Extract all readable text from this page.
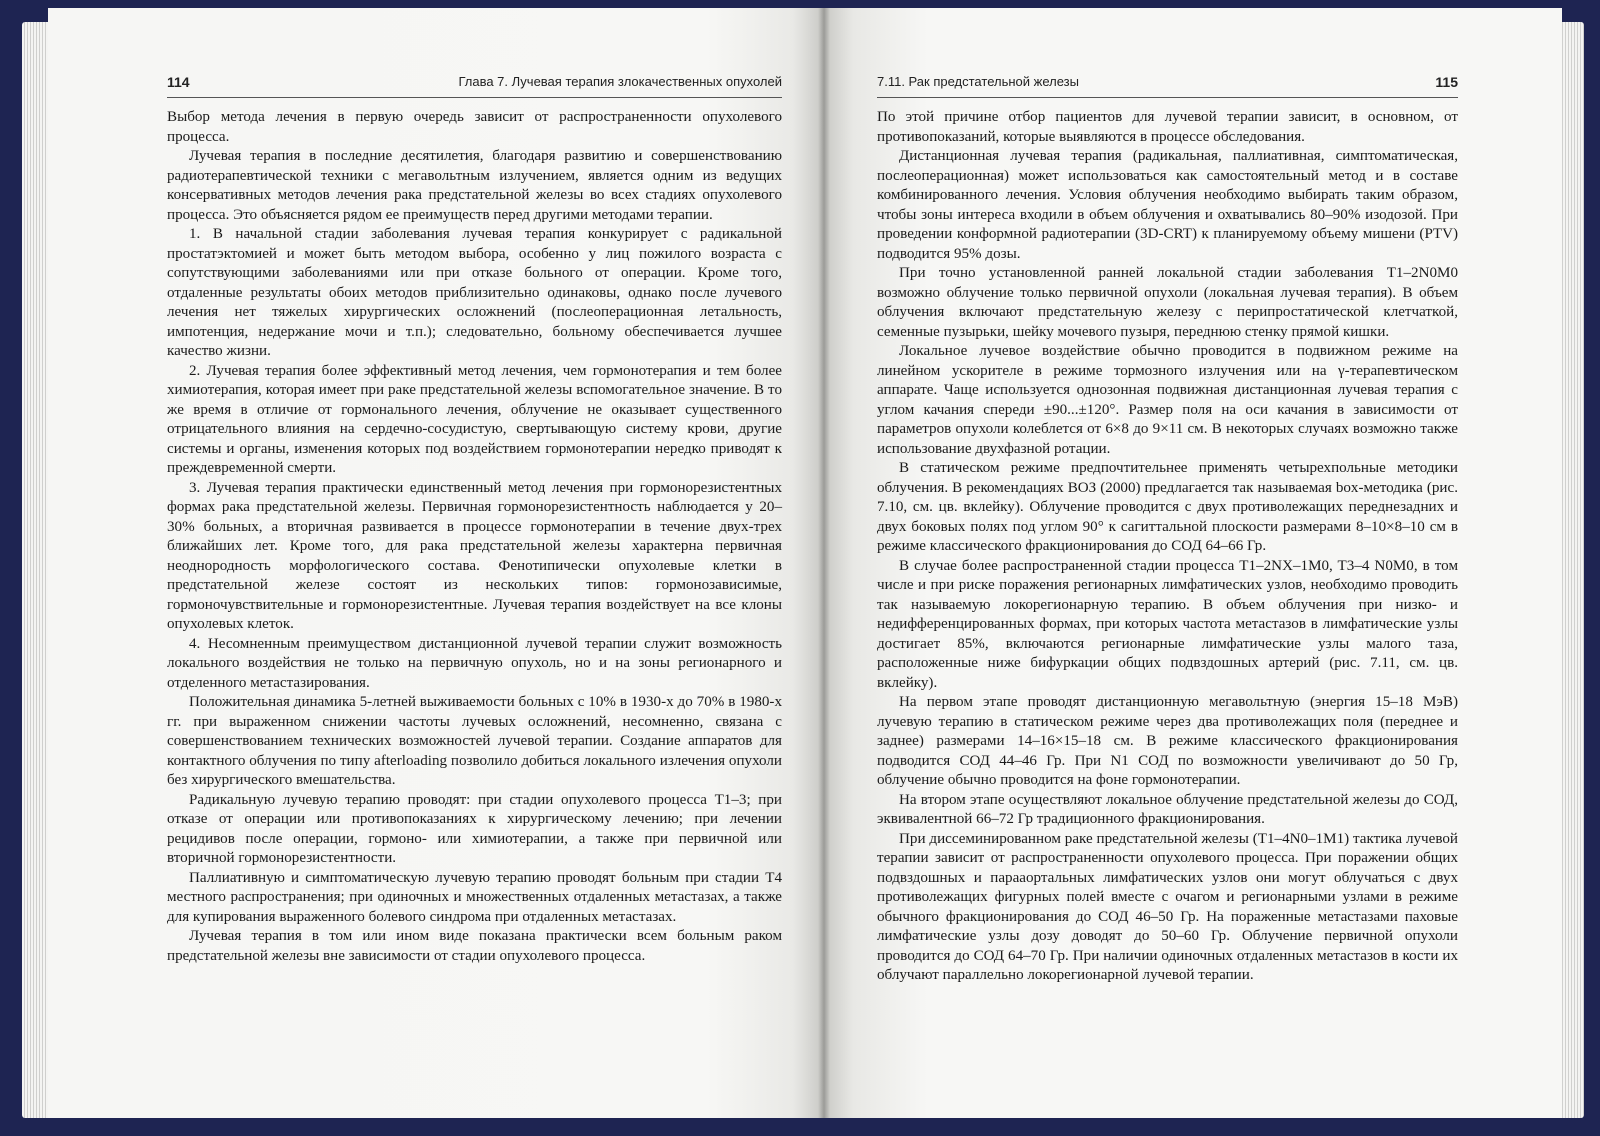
114	Глава 7. Лучевая терапия злокачественных опухолей	7.11. Рак предстательной железы	115

Выбор метода лечения в первую очередь зависит от распространенности опухолевого процесса.

Лучевая терапия в последние десятилетия, благодаря развитию и совершенствованию радиотерапевтической техники с мегавольтным излучением, является одним из ведущих консервативных методов лечения рака предстательной железы во всех стадиях опухолевого процесса. Это объясняется рядом ее преимуществ перед другими методами терапии.

1. В начальной стадии заболевания лучевая терапия конкурирует с радикальной простатэктомией и может быть методом выбора, особенно у лиц пожилого возраста с сопутствующими заболеваниями или при отказе больного от операции. Кроме того, отдаленные результаты обоих методов приблизительно одинаковы, однако после лучевого лечения нет тяжелых хирургических осложнений (послеоперационная летальность, импотенция, недержание мочи и т.п.); следовательно, больному обеспечивается лучшее качество жизни.

2. Лучевая терапия более эффективный метод лечения, чем гормонотерапия и тем более химиотерапия, которая имеет при раке предстательной железы вспомогательное значение. В то же время в отличие от гормонального лечения, облучение не оказывает существенного отрицательного влияния на сердечно-сосудистую, свертывающую систему крови, другие системы и органы, изменения которых под воздействием гормонотерапии нередко приводят к преждевременной смерти.

3. Лучевая терапия практически единственный метод лечения при гормонорезистентных формах рака предстательной железы. Первичная гормонорезистентность наблюдается у 20–30% больных, а вторичная развивается в процессе гормонотерапии в течение двух-трех ближайших лет. Кроме того, для рака предстательной железы характерна первичная неоднородность морфологического состава. Фенотипически опухолевые клетки в предстательной железе состоят из нескольких типов: гормонозависимые, гормоночувствительные и гормонорезистентные. Лучевая терапия воздействует на все клоны опухолевых клеток.

4. Несомненным преимуществом дистанционной лучевой терапии служит возможность локального воздействия не только на первичную опухоль, но и на зоны регионарного и отделенного метастазирования.

Положительная динамика 5-летней выживаемости больных с 10% в 1930-х до 70% в 1980-х гг. при выраженном снижении частоты лучевых осложнений, несомненно, связана с совершенствованием технических возможностей лучевой терапии. Создание аппаратов для контактного облучения по типу afterloading позволило добиться локального излечения опухоли без хирургического вмешательства.

Радикальную лучевую терапию проводят: при стадии опухолевого процесса T1–3; при отказе от операции или противопоказаниях к хирургическому лечению; при лечении рецидивов после операции, гормоно- или химиотерапии, а также при первичной или вторичной гормонорезистентности.

Паллиативную и симптоматическую лучевую терапию проводят больным при стадии T4 местного распространения; при одиночных и множественных отдаленных метастазах, а также для купирования выраженного болевого синдрома при отдаленных метастазах.

Лучевая терапия в том или ином виде показана практически всем больным раком предстательной железы вне зависимости от стадии опухолевого процесса.

По этой причине отбор пациентов для лучевой терапии зависит, в основном, от противопоказаний, которые выявляются в процессе обследования.

Дистанционная лучевая терапия (радикальная, паллиативная, симптоматическая, послеоперационная) может использоваться как самостоятельный метод и в составе комбинированного лечения. Условия облучения необходимо выбирать таким образом, чтобы зоны интереса входили в объем облучения и охватывались 80–90% изодозой. При проведении конформной радиотерапии (3D-CRT) к планируемому объему мишени (PTV) подводится 95% дозы.

При точно установленной ранней локальной стадии заболевания T1–2N0M0 возможно облучение только первичной опухоли (локальная лучевая терапия). В объем облучения включают предстательную железу с перипростатической клетчаткой, семенные пузырьки, шейку мочевого пузыря, переднюю стенку прямой кишки.

Локальное лучевое воздействие обычно проводится в подвижном режиме на линейном ускорителе в режиме тормозного излучения или на γ-терапевтическом аппарате. Чаще используется однозонная подвижная дистанционная лучевая терапия с углом качания спереди ±90...±120°. Размер поля на оси качания в зависимости от параметров опухоли колеблется от 6×8 до 9×11 см. В некоторых случаях возможно также использование двухфазной ротации.

В статическом режиме предпочтительнее применять четырехпольные методики облучения. В рекомендациях ВОЗ (2000) предлагается так называемая box-методика (рис. 7.10, см. цв. вклейку). Облучение проводится с двух противолежащих переднезадних и двух боковых полях под углом 90° к сагиттальной плоскости размерами 8–10×8–10 см в режиме классического фракционирования до СОД 64–66 Гр.

В случае более распространенной стадии процесса T1–2NX–1M0, T3–4 N0M0, в том числе и при риске поражения регионарных лимфатических узлов, необходимо проводить так называемую локорегионарную терапию. В объем облучения при низко- и недифференцированных формах, при которых частота метастазов в лимфатические узлы достигает 85%, включаются регионарные лимфатические узлы малого таза, расположенные ниже бифуркации общих подвздошных артерий (рис. 7.11, см. цв. вклейку).

На первом этапе проводят дистанционную мегавольтную (энергия 15–18 МэВ) лучевую терапию в статическом режиме через два противолежащих поля (переднее и заднее) размерами 14–16×15–18 см. В режиме классического фракционирования подводится СОД 44–46 Гр. При N1 СОД по возможности увеличивают до 50 Гр, облучение обычно проводится на фоне гормонотерапии.

На втором этапе осуществляют локальное облучение предстательной железы до СОД, эквивалентной 66–72 Гр традиционного фракционирования.

При диссеминированном раке предстательной железы (T1–4N0–1M1) тактика лучевой терапии зависит от распространенности опухолевого процесса. При поражении общих подвздошных и парааортальных лимфатических узлов они могут облучаться с двух противолежащих фигурных полей вместе с очагом и регионарными узлами в режиме обычного фракционирования до СОД 46–50 Гр. На пораженные метастазами паховые лимфатические узлы дозу доводят до 50–60 Гр. Облучение первичной опухоли проводится до СОД 64–70 Гр. При наличии одиночных отдаленных метастазов в кости их облучают параллельно локорегионарной лучевой терапии.
